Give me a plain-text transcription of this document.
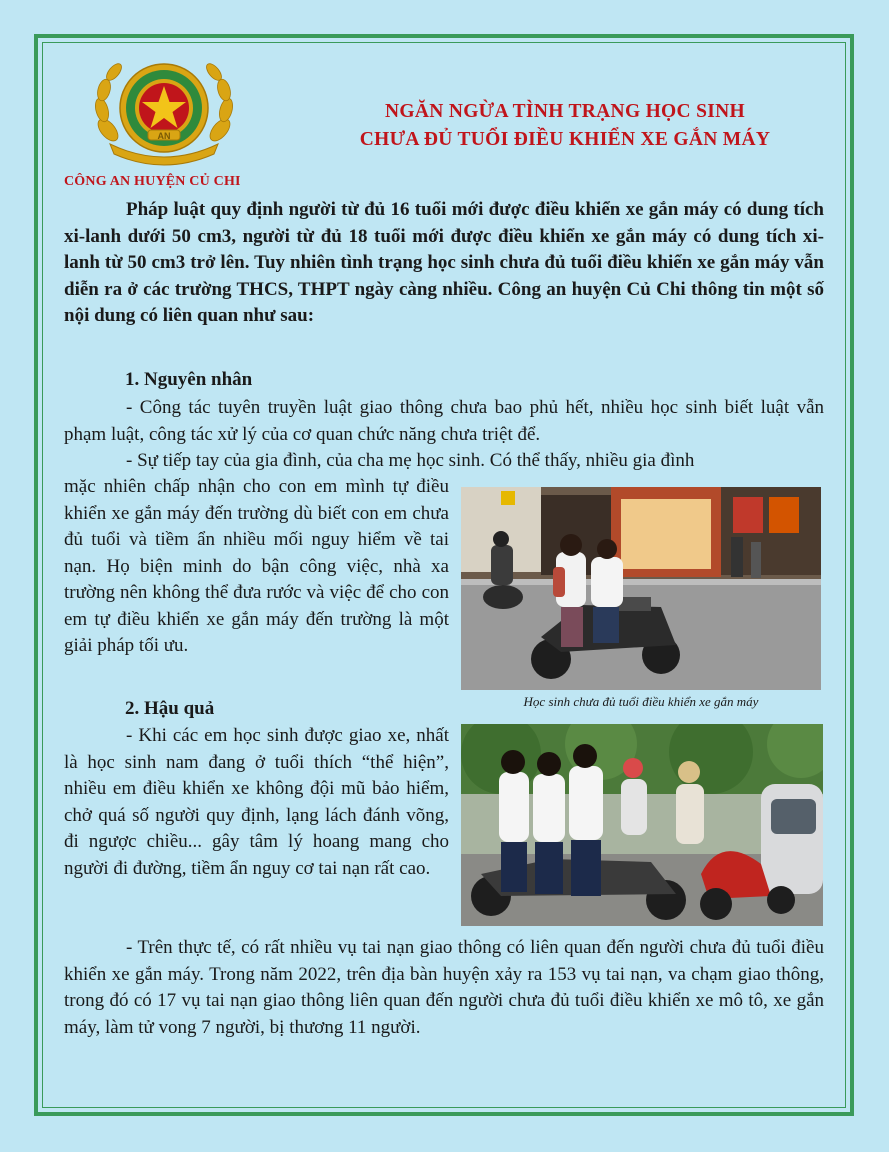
AN
CÔNG AN HUYỆN CỦ CHI
NGĂN NGỪA TÌNH TRẠNG HỌC SINH
CHƯA ĐỦ TUỔI ĐIỀU KHIỂN XE GẮN MÁY

Pháp luật quy định người từ đủ 16 tuổi mới được điều khiển xe gắn máy có dung tích xi-lanh dưới 50 cm3, người từ đủ 18 tuổi mới được điều khiển xe gắn máy có dung tích xi-lanh từ 50 cm3 trở lên. Tuy nhiên tình trạng học sinh chưa đủ tuổi điều khiển xe gắn máy vẫn diễn ra ở các trường THCS, THPT ngày càng nhiều. Công an huyện Củ Chi thông tin một số nội dung có liên quan như sau:

1. Nguyên nhân

- Công tác tuyên truyền luật giao thông chưa bao phủ hết, nhiều học sinh biết luật vẫn phạm luật, công tác xử lý của cơ quan chức năng chưa triệt để.

- Sự tiếp tay của gia đình, của cha mẹ học sinh. Có thể thấy, nhiều gia đình

mặc nhiên chấp nhận cho con em mình tự điều khiển xe gắn máy đến trường dù biết con em chưa đủ tuổi và tiềm ẩn nhiều mối nguy hiểm về tai nạn. Họ biện minh do bận công việc, nhà xa trường nên không thể đưa rước và việc để cho con em tự điều khiển xe gắn máy đến trường là một giải pháp tối ưu.

Học sinh chưa đủ tuổi điều khiển xe gắn máy
2. Hậu quả

- Khi các em học sinh được giao xe, nhất là học sinh nam đang ở tuổi thích “thể hiện”, nhiều em điều khiển xe không đội mũ bảo hiểm, chở quá số người quy định, lạng lách đánh võng, đi ngược chiều... gây tâm lý hoang mang cho người đi đường, tiềm ẩn nguy cơ tai nạn rất cao.

- Trên thực tế, có rất nhiều vụ tai nạn giao thông có liên quan đến người chưa đủ tuổi điều khiển xe gắn máy. Trong năm 2022, trên địa bàn huyện xảy ra 153 vụ tai nạn, va chạm giao thông, trong đó có 17 vụ tai nạn giao thông liên quan đến người chưa đủ tuổi điều khiển xe mô tô, xe gắn máy, làm tử vong 7 người, bị thương 11 người.
